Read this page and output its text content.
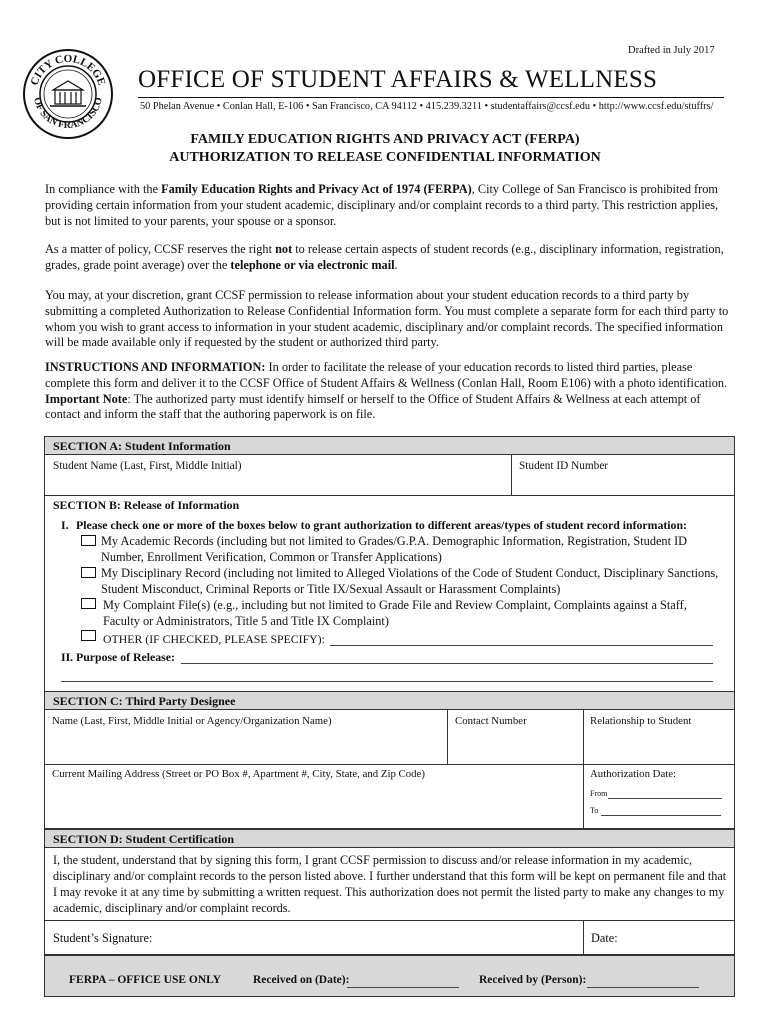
Drafted in July 2017
CITY COLLEGE
OF SAN FRANCISCO
OFFICE OF STUDENT AFFAIRS & WELLNESS
50 Phelan Avenue • Conlan Hall, E-106 • San Francisco, CA 94112 • 415.239.3211 • studentaffairs@ccsf.edu • http://www.ccsf.edu/stuffrs/
FAMILY EDUCATION RIGHTS AND PRIVACY ACT (FERPA)
AUTHORIZATION TO RELEASE CONFIDENTIAL INFORMATION
In compliance with the Family Education Rights and Privacy Act of 1974 (FERPA), City College of San Francisco is prohibited from providing certain information from your student academic, disciplinary and/or complaint records to a third party. This restriction applies, but is not limited to your parents, your spouse or a sponsor.
As a matter of policy, CCSF reserves the right not to release certain aspects of student records (e.g., disciplinary information, registration, grades, grade point average) over the telephone or via electronic mail.
You may, at your discretion, grant CCSF permission to release information about your student education records to a third party by submitting a completed Authorization to Release Confidential Information form. You must complete a separate form for each third party to whom you wish to grant access to information in your student academic, disciplinary and/or complaint records. The specified information will be made available only if requested by the student or authorized third party.
INSTRUCTIONS AND INFORMATION: In order to facilitate the release of your education records to listed third parties, please complete this form and deliver it to the CCSF Office of Student Affairs & Wellness (Conlan Hall, Room E106) with a photo identification. Important Note: The authorized party must identify himself or herself to the Office of Student Affairs & Wellness at each attempt of contact and inform the staff that the authoring paperwork is on file.
SECTION A: Student Information
Student Name (Last, First, Middle Initial)	Student ID Number
SECTION B: Release of Information
I. Please check one or more of the boxes below to grant authorization to different areas/types of student record information:
My Academic Records (including but not limited to Grades/G.P.A. Demographic Information, Registration, Student ID Number, Enrollment Verification, Common or Transfer Applications)
My Disciplinary Record (including not limited to Alleged Violations of the Code of Student Conduct, Disciplinary Sanctions, Student Misconduct, Criminal Reports or Title IX/Sexual Assault or Harassment Complaints)
My Complaint File(s) (e.g., including but not limited to Grade File and Review Complaint, Complaints against a Staff, Faculty or Administrators, Title 5 and Title IX Complaint)
OTHER (IF CHECKED, PLEASE SPECIFY):
II. Purpose of Release:
SECTION C: Third Party Designee
Name (Last, First, Middle Initial or Agency/Organization Name)	Contact Number	Relationship to Student
Current Mailing Address (Street or PO Box #, Apartment #, City, State, and Zip Code)	Authorization Date:
From
To
SECTION D: Student Certification
I, the student, understand that by signing this form, I grant CCSF permission to discuss and/or release information in my academic, disciplinary and/or complaint records to the person listed above. I further understand that this form will be kept on permanent file and that I may revoke it at any time by submitting a written request. This authorization does not permit the listed party to make any changes to my academic, disciplinary and/or complaint records.
Student’s Signature:	Date:
FERPA – OFFICE USE ONLY	Received on (Date):	Received by (Person):
